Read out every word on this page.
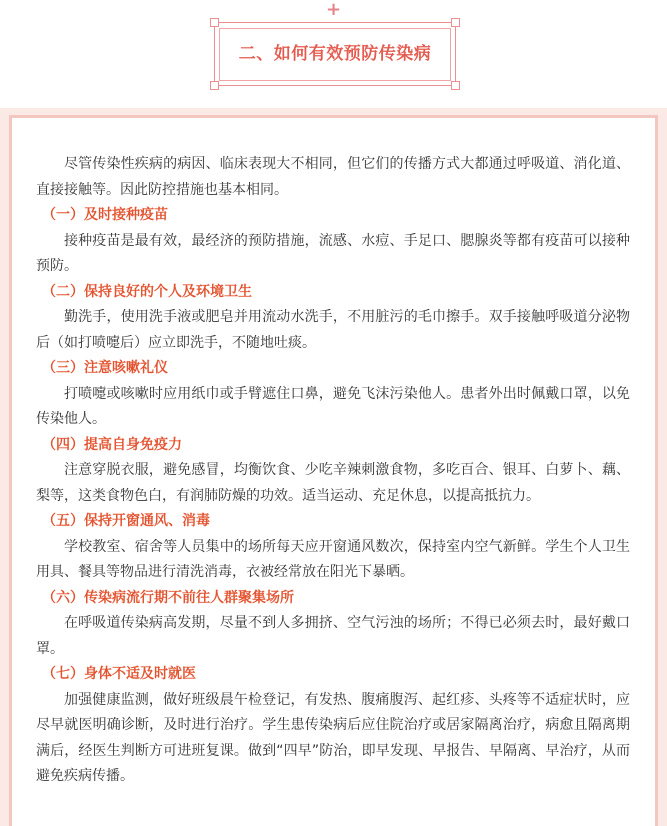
+
二、如何有效预防传染病

尽管传染性疾病的病因、临床表现大不相同，但它们的传播方式大都通过呼吸道、消化道、直接接触等。因此防控措施也基本相同。

（一）及时接种疫苗

接种疫苗是最有效，最经济的预防措施，流感、水痘、手足口、腮腺炎等都有疫苗可以接种预防。

（二）保持良好的个人及环境卫生

勤洗手，使用洗手液或肥皂并用流动水洗手，不用脏污的毛巾擦手。双手接触呼吸道分泌物后（如打喷嚏后）应立即洗手，不随地吐痰。

（三）注意咳嗽礼仪

打喷嚏或咳嗽时应用纸巾或手臂遮住口鼻，避免飞沫污染他人。患者外出时佩戴口罩，以免传染他人。

（四）提高自身免疫力

注意穿脱衣服，避免感冒，均衡饮食、少吃辛辣刺激食物，多吃百合、银耳、白萝卜、藕、梨等，这类食物色白，有润肺防燥的功效。适当运动、充足休息，以提高抵抗力。

（五）保持开窗通风、消毒

学校教室、宿舍等人员集中的场所每天应开窗通风数次，保持室内空气新鲜。学生个人卫生用具、餐具等物品进行清洗消毒，衣被经常放在阳光下暴晒。

（六）传染病流行期不前往人群聚集场所

在呼吸道传染病高发期，尽量不到人多拥挤、空气污浊的场所；不得已必须去时，最好戴口罩。

（七）身体不适及时就医

加强健康监测，做好班级晨午检登记，有发热、腹痛腹泻、起红疹、头疼等不适症状时，应尽早就医明确诊断，及时进行治疗。学生患传染病后应住院治疗或居家隔离治疗，病愈且隔离期满后，经医生判断方可进班复课。做到“四早”防治，即早发现、早报告、早隔离、早治疗，从而避免疾病传播。
